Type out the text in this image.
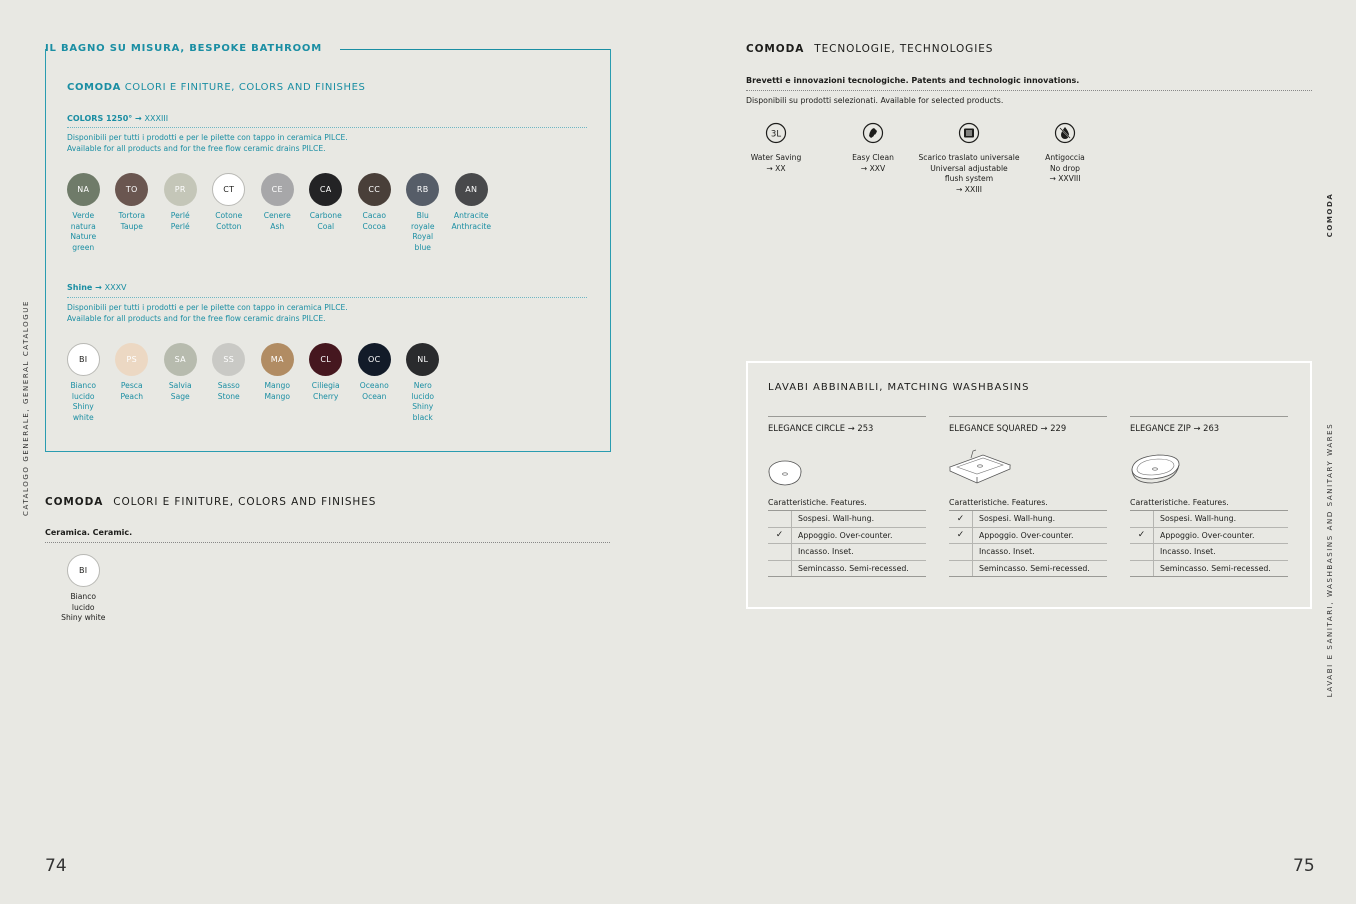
CATALOGO GENERALE, GENERAL CATALOGUE
IL BAGNO SU MISURA, BESPOKE BATHROOM
COMODA COLORI E FINITURE, COLORS AND FINISHES
COLORS 1250° → XXXIII
Disponibili per tutti i prodotti e per le pilette con tappo in ceramica PILCE.
Available for all products and for the free flow ceramic drains PILCE.
NA
Verde
natura
Nature
green
TO
Tortora
Taupe
PR
Perlé
Perlé
CT
Cotone
Cotton
CE
Cenere
Ash
CA
Carbone
Coal
CC
Cacao
Cocoa
RB
Blu
royale
Royal
blue
AN
Antracite
Anthracite
Shine → XXXV
Disponibili per tutti i prodotti e per le pilette con tappo in ceramica PILCE.
Available for all products and for the free flow ceramic drains PILCE.
BI
Bianco
lucido
Shiny
white
PS
Pesca
Peach
SA
Salvia
Sage
SS
Sasso
Stone
MA
Mango
Mango
CL
Ciliegia
Cherry
OC
Oceano
Ocean
NL
Nero
lucido
Shiny
black
COMODA COLORI E FINITURE, COLORS AND FINISHES
Ceramica. Ceramic.
BI
Bianco lucido
Shiny white
74
COMODA TECNOLOGIE, TECHNOLOGIES
Brevetti e innovazioni tecnologiche. Patents and technologic innovations.
Disponibili su prodotti selezionati. Available for selected products.
3L
Water Saving
→ XX
Easy Clean
→ XXV
Scarico traslato universale
Universal adjustable
flush system
→ XXIII
Antigoccia
No drop
→ XXVIII
COMODA
LAVABI E SANITARI, WASHBASINS AND SANITARY WARES
LAVABI ABBINABILI, MATCHING WASHBASINS
ELEGANCE CIRCLE → 253
Caratteristiche. Features.
Sospesi. Wall-hung.
✓	Appoggio. Over-counter.
Incasso. Inset.
Semincasso. Semi-recessed.
ELEGANCE SQUARED → 229
Caratteristiche. Features.
✓	Sospesi. Wall-hung.
✓	Appoggio. Over-counter.
Incasso. Inset.
Semincasso. Semi-recessed.
ELEGANCE ZIP → 263
Caratteristiche. Features.
Sospesi. Wall-hung.
✓	Appoggio. Over-counter.
Incasso. Inset.
Semincasso. Semi-recessed.
75
